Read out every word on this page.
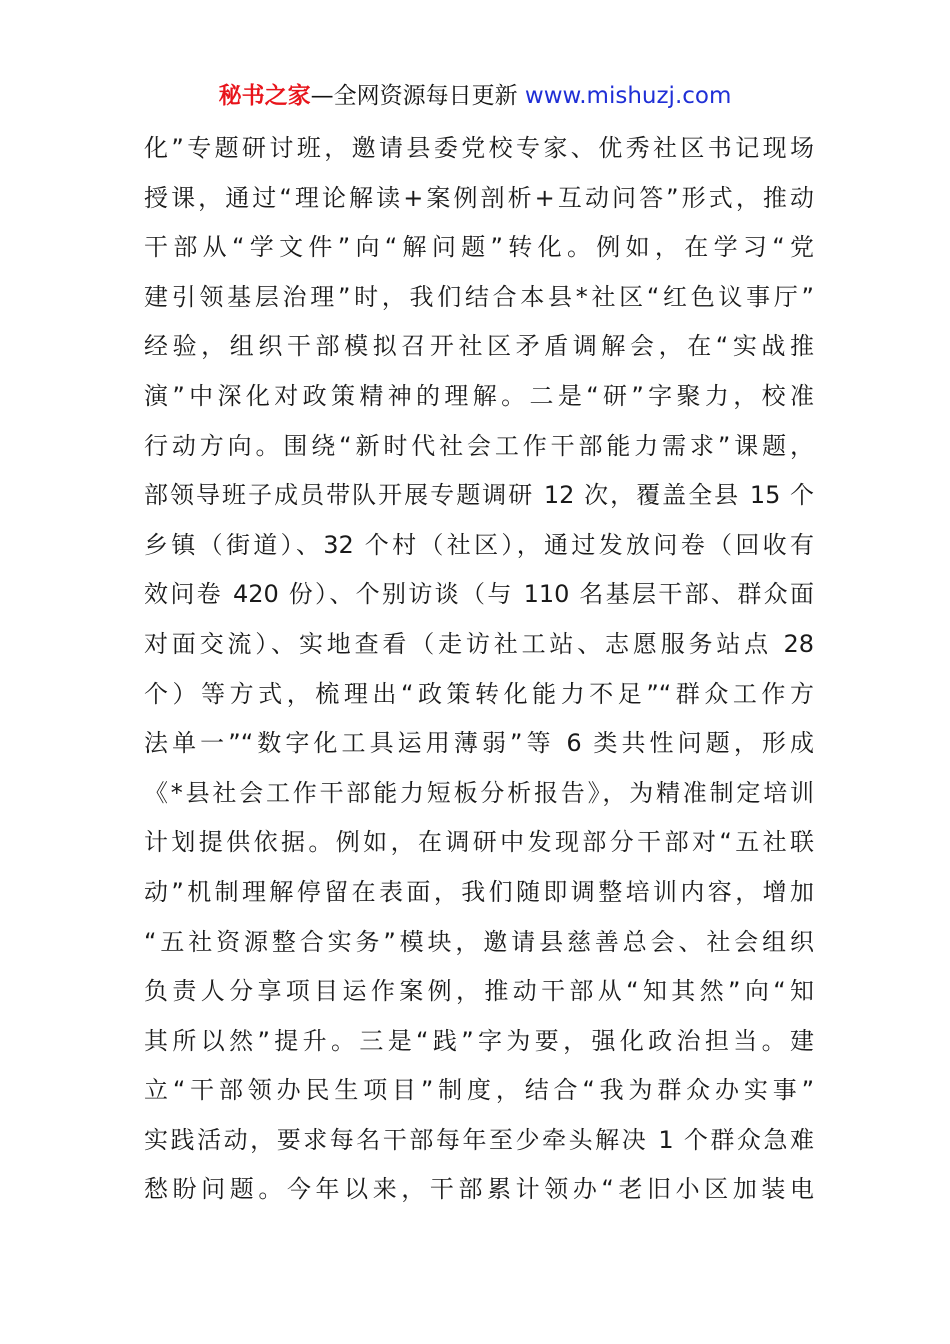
秘书之家—全网资源每日更新 www.mishuzj.com
化”专题研讨班，邀请县委党校专家、优秀社区书记现场
授课，通过“理论解读+案例剖析+互动问答”形式，推动
干部从“学文件”向“解问题”转化。例如，在学习“党
建引领基层治理”时，我们结合本县*社区“红色议事厅”
经验，组织干部模拟召开社区矛盾调解会，在“实战推
演”中深化对政策精神的理解。二是“研”字聚力，校准
行动方向。围绕“新时代社会工作干部能力需求”课题，
部领导班子成员带队开展专题调研 12 次，覆盖全县 15 个
乡镇（街道）、32 个村（社区），通过发放问卷（回收有
效问卷 420 份）、个别访谈（与 110 名基层干部、群众面
对面交流）、实地查看（走访社工站、志愿服务站点 28
个）等方式，梳理出“政策转化能力不足”“群众工作方
法单一”“数字化工具运用薄弱”等 6 类共性问题，形成
《*县社会工作干部能力短板分析报告》，为精准制定培训
计划提供依据。例如，在调研中发现部分干部对“五社联
动”机制理解停留在表面，我们随即调整培训内容，增加
“五社资源整合实务”模块，邀请县慈善总会、社会组织
负责人分享项目运作案例，推动干部从“知其然”向“知
其所以然”提升。三是“践”字为要，强化政治担当。建
立“干部领办民生项目”制度，结合“我为群众办实事”
实践活动，要求每名干部每年至少牵头解决 1 个群众急难
愁盼问题。今年以来，干部累计领办“老旧小区加装电
